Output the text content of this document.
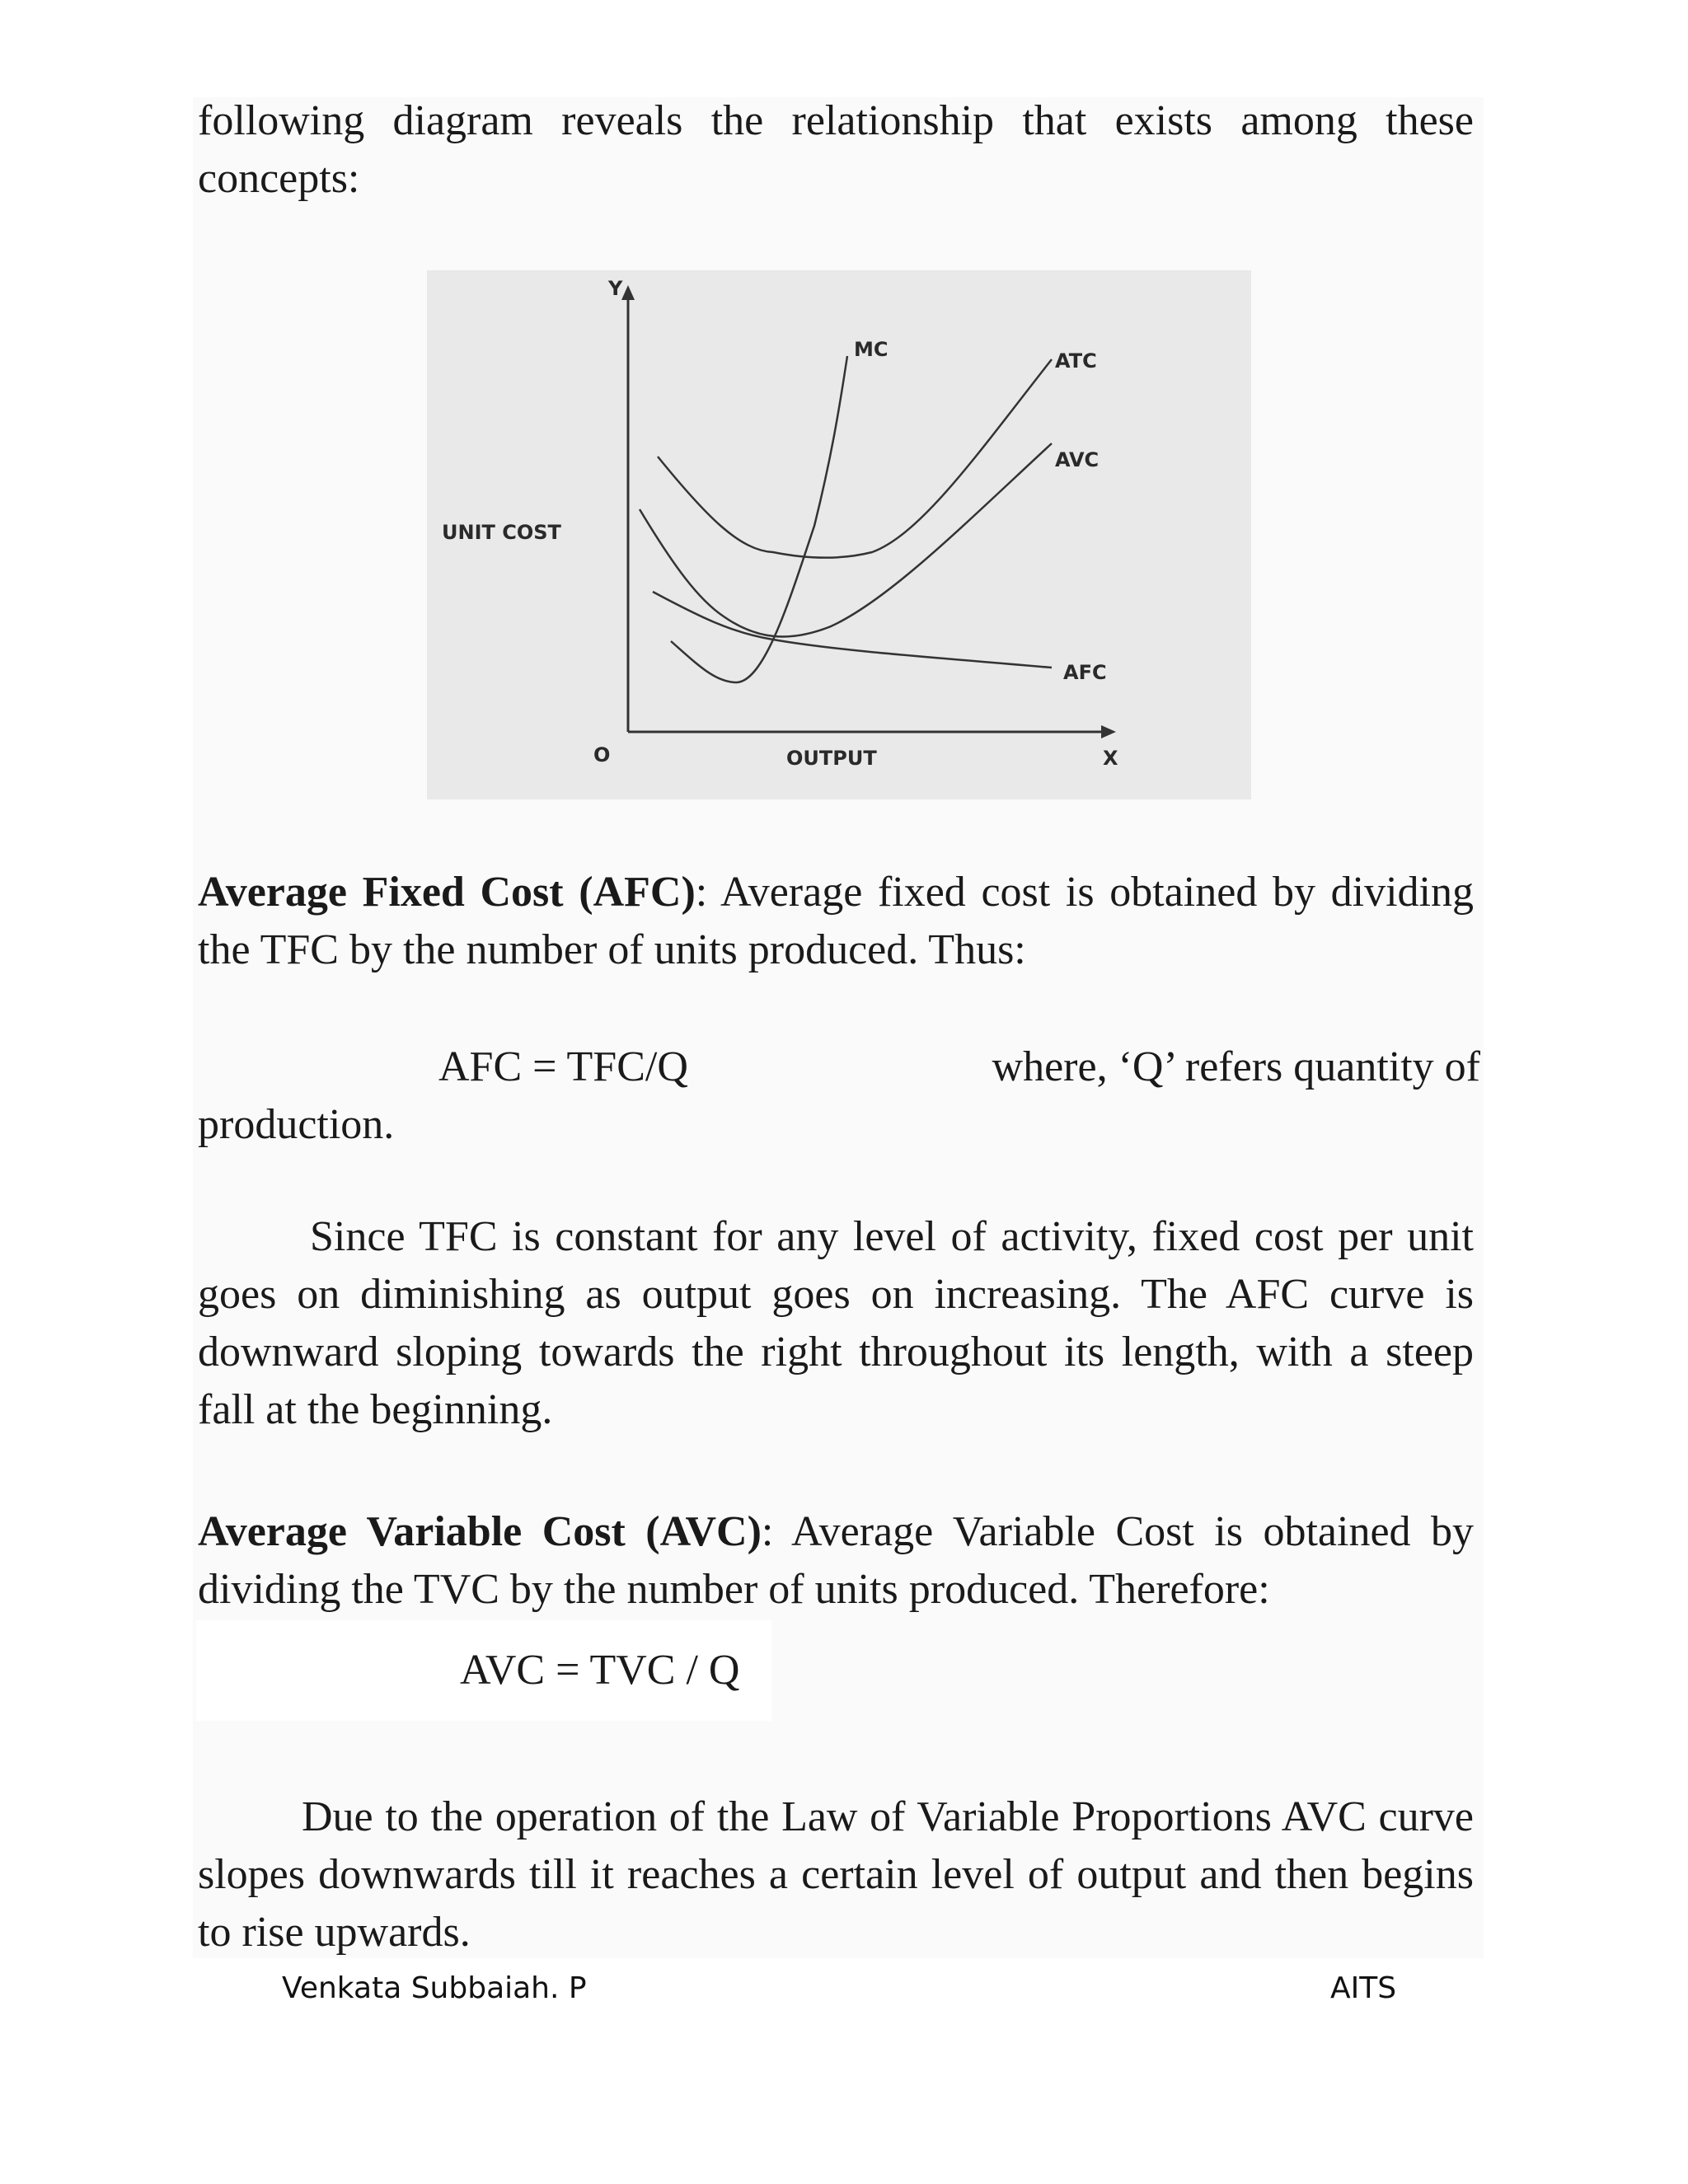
following diagram reveals the relationship that exists among these concepts:

Y
X
O
UNIT COST
OUTPUT
MC	ATC
AVC
AFC

Average Fixed Cost (AFC): Average fixed cost is obtained by dividing the TFC by the number of units produced. Thus:

AFC = TFC/Q	where, ‘Q’ refers quantity of
production.

Since TFC is constant for any level of activity, fixed cost per unit goes on diminishing as output goes on increasing. The AFC curve is downward sloping towards the right throughout its length, with a steep fall at the beginning.

Average Variable Cost (AVC): Average Variable Cost is obtained by dividing the TVC by the number of units produced. Therefore:

AVC = TVC / Q

Due to the operation of the Law of Variable Proportions AVC curve slopes downwards till it reaches a certain level of output and then begins to rise upwards.

Venkata Subbaiah. P	AITS
